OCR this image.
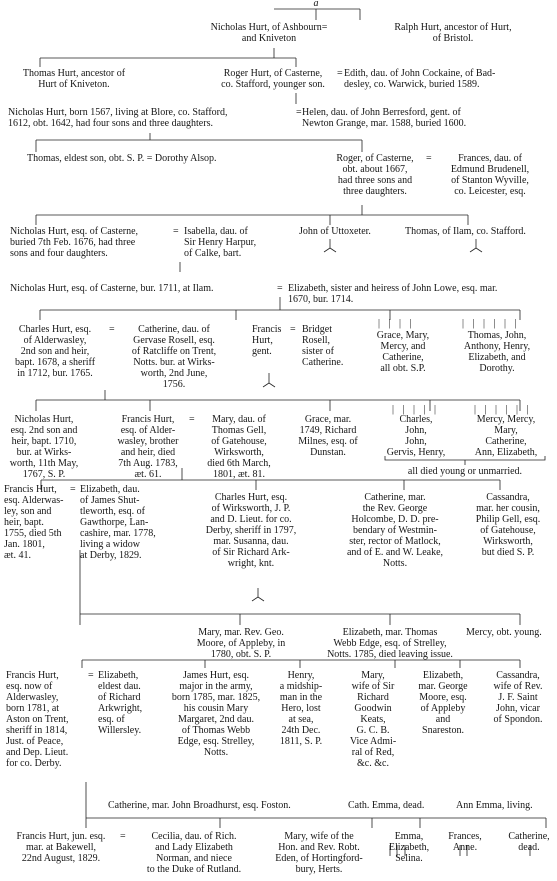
a
Nicholas Hurt, of Ashbourn=
and Kniveton
Ralph Hurt, ancestor of Hurt,
of Bristol.
Thomas Hurt, ancestor of
Hurt of Kniveton.
Roger Hurt, of Casterne,
co. Stafford, younger son.
Edith, dau. of John Cockaine, of Bad-
desley, co. Warwick, buried 1589.
=
Nicholas Hurt, born 1567, living at Blore, co. Stafford,
1612, obt. 1642, had four sons and three daughters.
Helen, dau. of John Berresford, gent. of
Newton Grange, mar. 1588, buried 1600.
=
Thomas, eldest son, obt. S. P. = Dorothy Alsop.	Roger, of Casterne,
obt. about 1667,
had three sons and
three daughters.
=	Frances, dau. of
Edmund Brudenell,
of Stanton Wyville,
co. Leicester, esq.
Nicholas Hurt, esq. of Casterne,
buried 7th Feb. 1676, had three
sons and four daughters.
= Isabella, dau. of
Sir Henry Harpur,
of Calke, bart.
John of Uttoxeter.	Thomas, of Ilam, co. Stafford.
Nicholas Hurt, esq. of Casterne, bur. 1711, at Ilam.	= Elizabeth, sister and heiress of John Lowe, esq. mar.
1670, bur. 1714.
Charles Hurt, esq.
of Alderwasley,
2nd son and heir,
bapt. 1678, a sheriff
in 1712, bur. 1765.
=	Catherine, dau. of
Gervase Rosell, esq.
of Ratcliffe on Trent,
Notts. bur. at Wirks-
worth, 2nd June,
1756.
Francis
Hurt,
gent.
= Bridget
Rosell,
sister of
Catherine.
Grace, Mary,
Mercy, and
Catherine,
all obt. S.P.
Thomas, John,
Anthony, Henry,
Elizabeth, and
Dorothy.
| | | |	| | | | | |
Nicholas Hurt,
esq. 2nd son and
heir, bapt. 1710,
bur. at Wirks-
worth, 11th May,
1767, S. P.
Francis Hurt,
esq. of Alder-
wasley, brother
and heir, died
7th Aug. 1783,
æt. 61.
=	Mary, dau. of
Thomas Gell,
of Gatehouse,
Wirksworth,
died 6th March,
1801, æt. 81.
Grace, mar.
1749, Richard
Milnes, esq. of
Dunstan.
| | | | |
Charles,
John,
John,
Gervis, Henry,
| | | | | |
Mercy, Mercy,
Mary,
Catherine,
Ann, Elizabeth,
all died young or unmarried.
Francis Hurt,
esq. Alderwas-
ley, son and
heir, bapt.
1755, died 5th
Jan. 1801,
æt. 41.
= Elizabeth, dau.
of James Shut-
tleworth, esq. of
Gawthorpe, Lan-
cashire, mar. 1778,
living a widow
at Derby, 1829.
Charles Hurt, esq.
of Wirksworth, J. P.
and D. Lieut. for co.
Derby, sheriff in 1797,
mar. Susanna, dau.
of Sir Richard Ark-
wright, knt.
Catherine, mar.
the Rev. George
Holcombe, D. D. pre-
bendary of Westmin-
ster, rector of Matlock,
and of E. and W. Leake,
Notts.
Cassandra,
mar. her cousin,
Philip Gell, esq.
of Gatehouse,
Wirksworth,
but died S. P.
Mary, mar. Rev. Geo.
Moore, of Appleby, in
1780, obt. S. P.
Elizabeth, mar. Thomas
Webb Edge, esq. of Strelley,
Notts. 1785, died leaving issue.
Mercy, obt. young.
Francis Hurt,
esq. now of
Alderwasley,
born 1781, at
Aston on Trent,
sheriff in 1814,
Just. of Peace,
and Dep. Lieut.
for co. Derby.
= Elizabeth,
eldest dau.
of Richard
Arkwright,
esq. of
Willersley.
James Hurt, esq.
major in the army,
born 1785, mar. 1825,
his cousin Mary
Margaret, 2nd dau.
of Thomas Webb
Edge, esq. Strelley,
Notts.
Henry,
a midship-
man in the
Hero, lost
at sea,
24th Dec.
1811, S. P.
Mary,
wife of Sir
Richard
Goodwin
Keats,
G. C. B.
Vice Admi-
ral of Red,
&c. &c.
Elizabeth,
mar. George
Moore, esq.
of Appleby
and
Snareston.
Cassandra,
wife of Rev.
J. F. Saint
John, vicar
of Spondon.
Catherine, mar. John Broadhurst, esq. Foston.	Cath. Emma, dead.	Ann Emma, living.
Francis Hurt, jun. esq.
mar. at Bakewell,
22nd August, 1829.
=	Cecilia, dau. of Rich.
and Lady Elizabeth
Norman, and niece
to the Duke of Rutland.
Mary, wife of the
Hon. and Rev. Robt.
Eden, of Hortingford-
bury, Herts.
Emma,
Elizabeth,
Selina.
Frances,
Anne.
Catherine,
dead.
